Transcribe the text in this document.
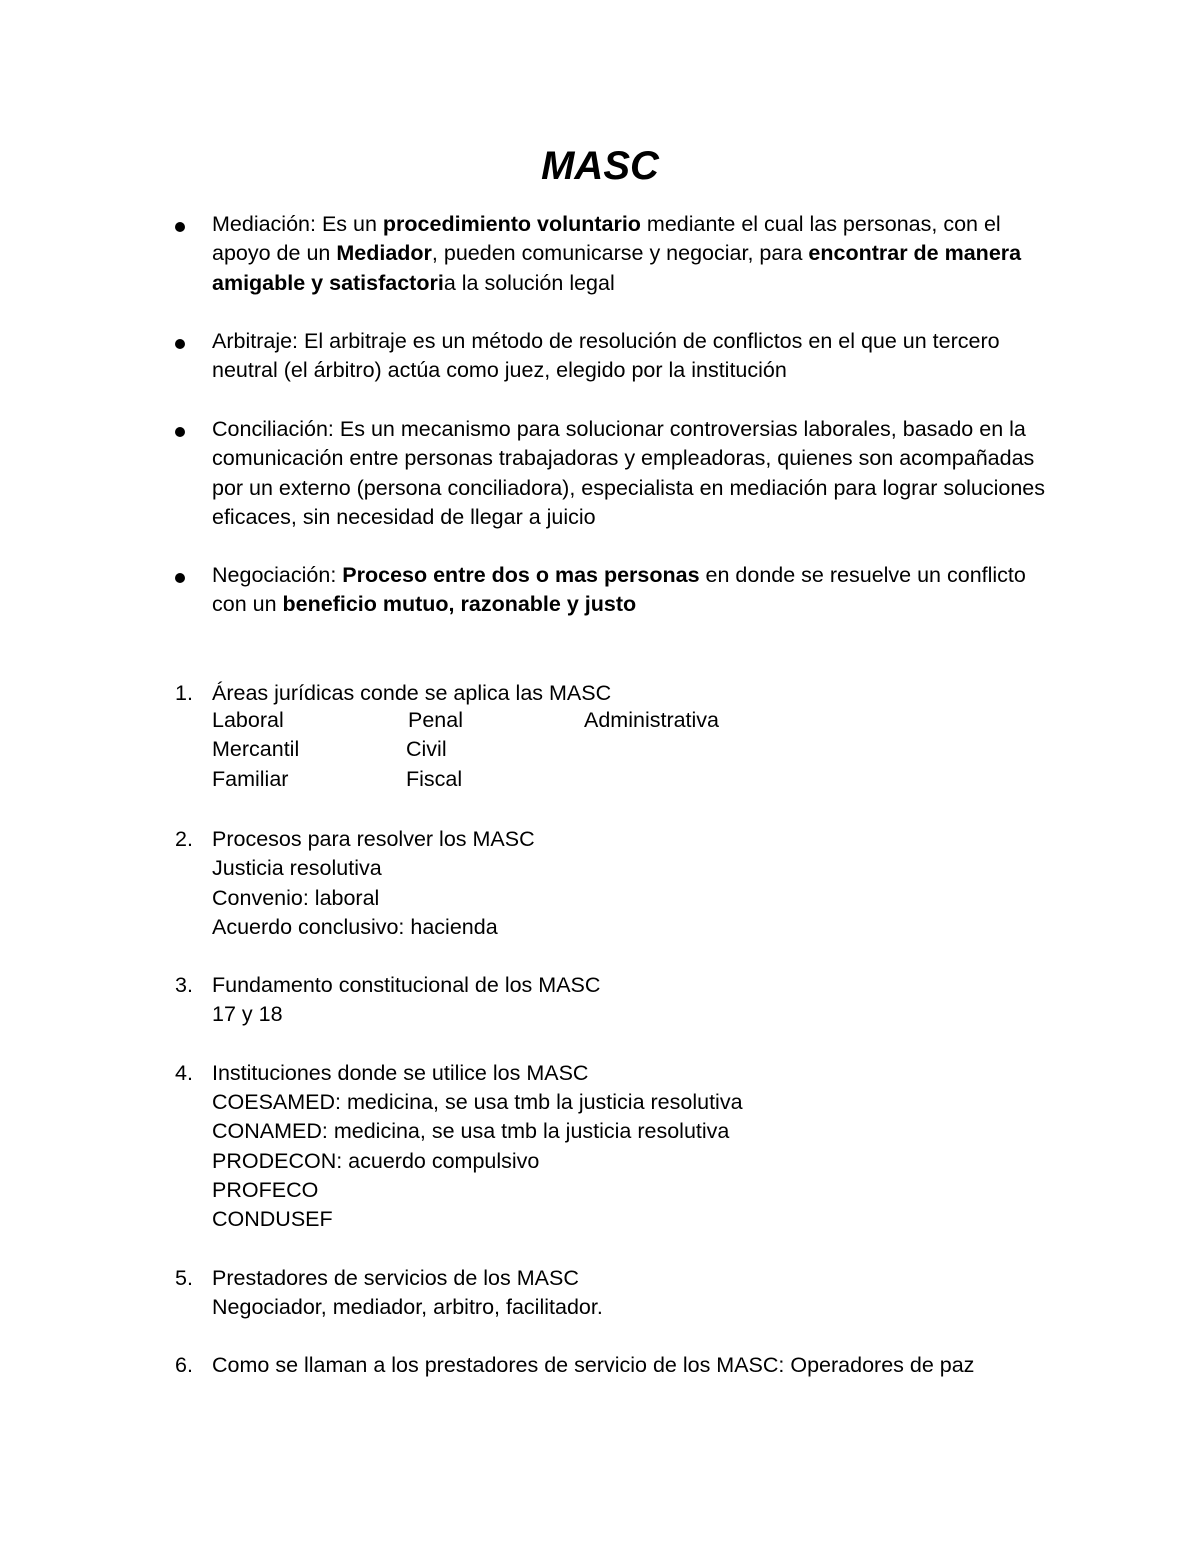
MASC
Mediación: Es un procedimiento voluntario mediante el cual las personas, con el apoyo de un Mediador, pueden comunicarse y negociar, para encontrar de manera amigable y satisfactoria la solución legal
Arbitraje: El arbitraje es un método de resolución de conflictos en el que un tercero neutral (el árbitro) actúa como juez, elegido por la institución
Conciliación: Es un mecanismo para solucionar controversias laborales, basado en la comunicación entre personas trabajadoras y empleadoras, quienes son acompañadas por un externo (persona conciliadora), especialista en mediación para lograr soluciones eficaces, sin necesidad de llegar a juicio
Negociación: Proceso entre dos o mas personas en donde se resuelve un conflicto con un beneficio mutuo, razonable y justo
1. Áreas jurídicas conde se aplica las MASC
Laboral	Penal	Administrativa
Mercantil	Civil
Familiar	Fiscal
2. Procesos para resolver los MASC
Justicia resolutiva
Convenio: laboral
Acuerdo conclusivo: hacienda
3. Fundamento constitucional de los MASC
17 y 18
4. Instituciones donde se utilice los MASC
COESAMED: medicina, se usa tmb la justicia resolutiva
CONAMED: medicina, se usa tmb la justicia resolutiva
PRODECON: acuerdo compulsivo
PROFECO
CONDUSEF
5. Prestadores de servicios de los MASC
Negociador, mediador, arbitro, facilitador.
6. Como se llaman a los prestadores de servicio de los MASC: Operadores de paz
